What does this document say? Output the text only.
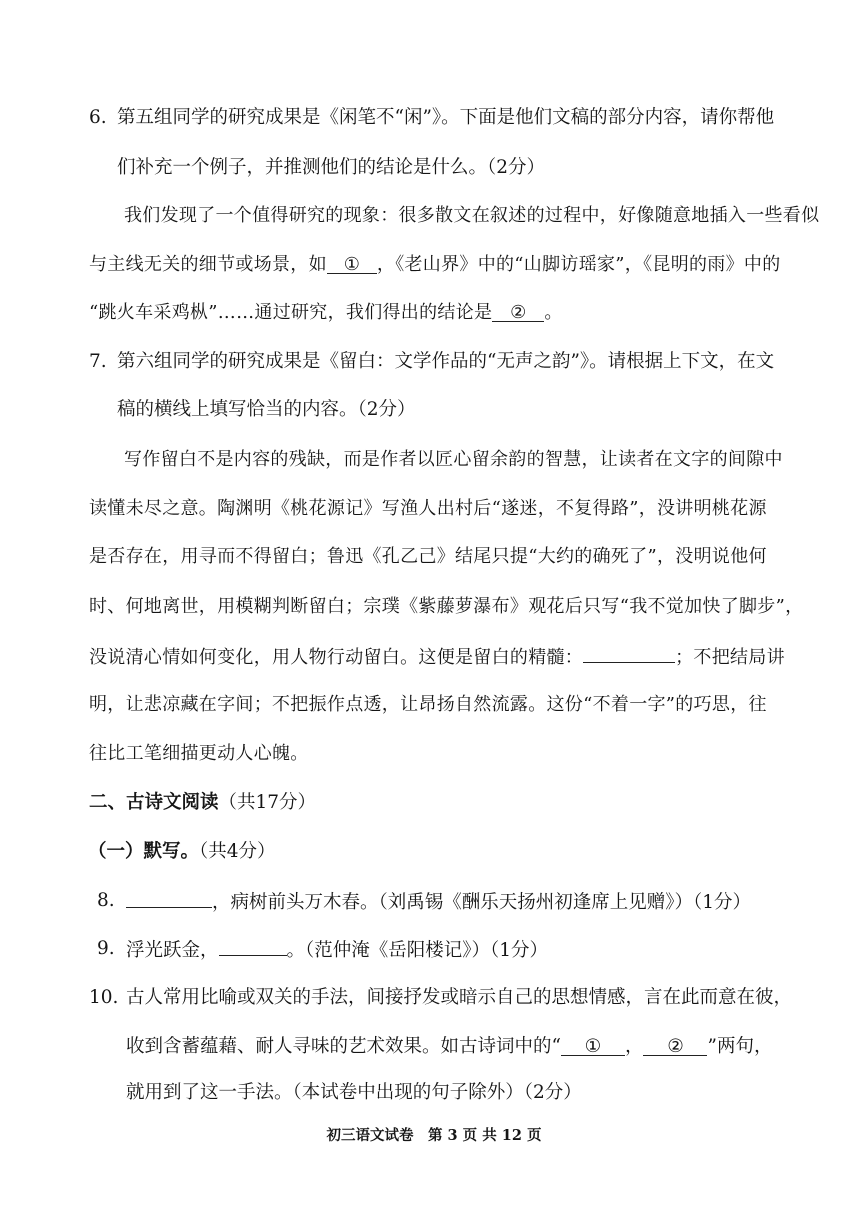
6. 第五组同学的研究成果是《闲笔不“闲”》。下面是他们文稿的部分内容，请你帮他
们补充一个例子，并推测他们的结论是什么。（2分）
我们发现了一个值得研究的现象：很多散文在叙述的过程中，好像随意地插入一些看似
与主线无关的细节或场景，如 ① ，《老山界》中的“山脚访瑶家”，《昆明的雨》中的
“跳火车采鸡枞”……通过研究，我们得出的结论是 ② 。
7. 第六组同学的研究成果是《留白：文学作品的“无声之韵”》。请根据上下文，在文
稿的横线上填写恰当的内容。（2分）
写作留白不是内容的残缺，而是作者以匠心留余韵的智慧，让读者在文字的间隙中
读懂未尽之意。陶渊明《桃花源记》写渔人出村后“遂迷，不复得路”，没讲明桃花源
是否存在，用寻而不得留白；鲁迅《孔乙己》结尾只提“大约的确死了”，没明说他何
时、何地离世，用模糊判断留白；宗璞《紫藤萝瀑布》观花后只写“我不觉加快了脚步”，
没说清心情如何变化，用人物行动留白。这便是留白的精髓：	；不把结局讲
明，让悲凉藏在字间；不把振作点透，让昂扬自然流露。这份“不着一字”的巧思，往
往比工笔细描更动人心魄。
二、古诗文阅读（共17分）
（一）默写。（共4分）
8.	，病树前头万木春。（刘禹锡《酬乐天扬州初逢席上见赠》）（1分）
9. 浮光跃金，	。（范仲淹《岳阳楼记》）（1分）
10. 古人常用比喻或双关的手法，间接抒发或暗示自己的思想情感，言在此而意在彼，
收到含蓄蕴藉、耐人寻味的艺术效果。如古诗词中的“ ① ， ② ”两句，
就用到了这一手法。（本试卷中出现的句子除外）（2分）
初三语文试卷　第 3 页 共 12 页
